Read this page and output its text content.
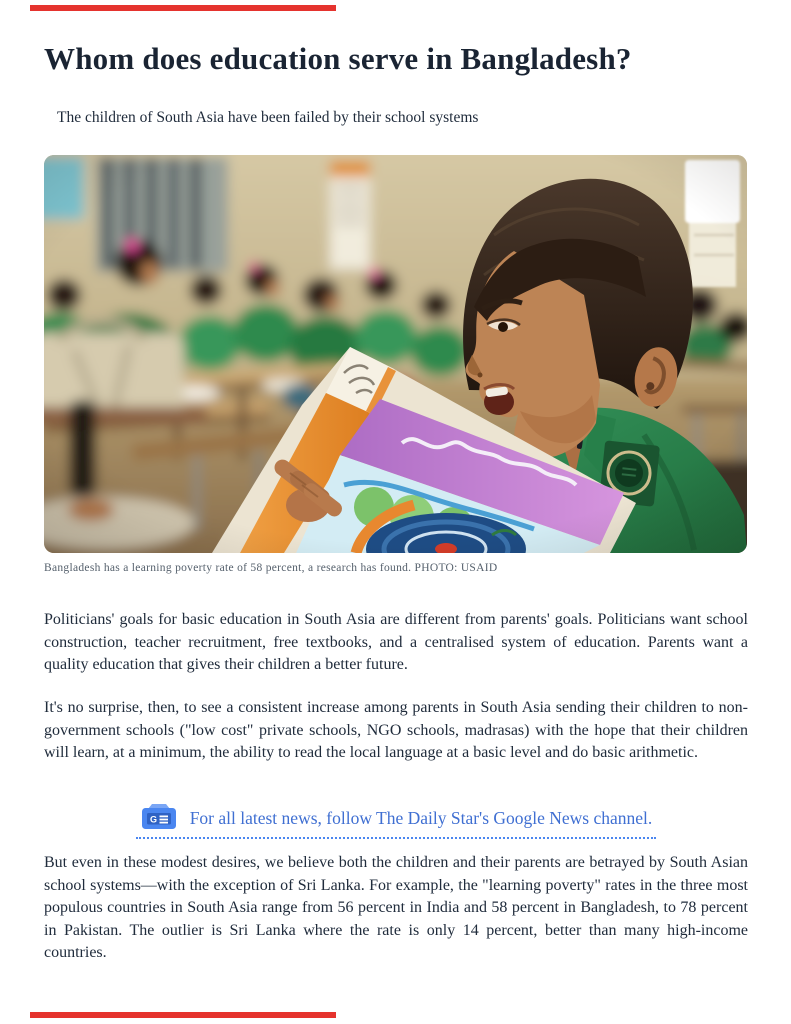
Whom does education serve in Bangladesh?

The children of South Asia have been failed by their school systems

Bangladesh has a learning poverty rate of 58 percent, a research has found. PHOTO: USAID

Politicians' goals for basic education in South Asia are different from parents' goals. Politicians want school construction, teacher recruitment, free textbooks, and a centralised system of education. Parents want a quality education that gives their children a better future.

It's no surprise, then, to see a consistent increase among parents in South Asia sending their children to non-government schools ("low cost" private schools, NGO schools, madrasas) with the hope that their children will learn, at a minimum, the ability to read the local language at a basic level and do basic arithmetic.

G For all latest news, follow The Daily Star's Google News channel.

But even in these modest desires, we believe both the children and their parents are betrayed by South Asian school systems—with the exception of Sri Lanka. For example, the "learning poverty" rates in the three most populous countries in South Asia range from 56 percent in India and 58 percent in Bangladesh, to 78 percent in Pakistan. The outlier is Sri Lanka where the rate is only 14 percent, better than many high-income countries.
